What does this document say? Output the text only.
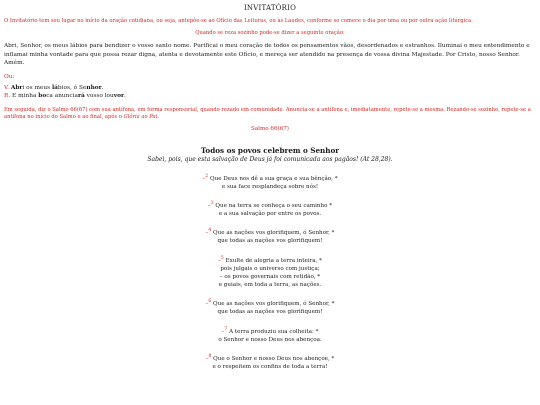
INVITATÓRIO

O Invitatório tem seu lugar no início da oração cotidiana, ou seja, antepõe-se ao Ofício das Leituras, ou às Laudes, conforme se comece o dia por uma ou por outra ação litúrgica.

Quando se reza sozinho pode-se dizer a seguinte oração:

Abri, Senhor, os meus lábios para bendizer o vosso santo nome. Purificai o meu coração de todos os pensamentos vãos, desordenados e estranhos. Iluminai o meu entendimento e inflamai minha vontade para que possa rezar digna, atenta e devotamente este Ofício, e mereça ser atendido na presença de vossa divina Majestade. Por Cristo, nosso Senhor. Amém.

Ou:

V. Abri os meus lábios, ó Senhor.
R. E minha boca anunciará vosso louvor.

Em seguida, diz o Salmo 66(67) com sua antífona, em forma responsorial, quando rezado em comunidade. Anuncia-se a antífona e, imediatamente, repete-se a mesma. Rezando-se sozinho, repete-se a antífona no início do Salmo e ao final, após o Glória ao Pai.

Salmo 66(67)

Todos os povos celebrem o Senhor
Sabei, pois, que esta salvação de Deus já foi comunicada aos pagãos! (At 28,28).
–$^2$ Que Deus nos dê a sua graça e sua bênção, *
e sua face resplandeça sobre nós!
–$^3$ Que na terra se conheça o seu caminho *
e a sua salvação por entre os povos.
–$^4$ Que as nações vos glorifiquem, ó Senhor, *
que todas as nações vos glorifiquem!
–$^5$ Exulte de alegria a terra inteira, *
pois julgais o universo com justiça;
– os povos governais com retidão, *
e guiais, em toda a terra, as nações.
–$^6$ Que as nações vos glorifiquem, ó Senhor, *
que todas as nações vos glorifiquem!
–$^7$ A terra produziu sua colheita: *
o Senhor e nosso Deus nos abençoa.
–$^8$ Que o Senhor e nosso Deus nos abençoe, *
e o respeitem os confins de toda a terra!
